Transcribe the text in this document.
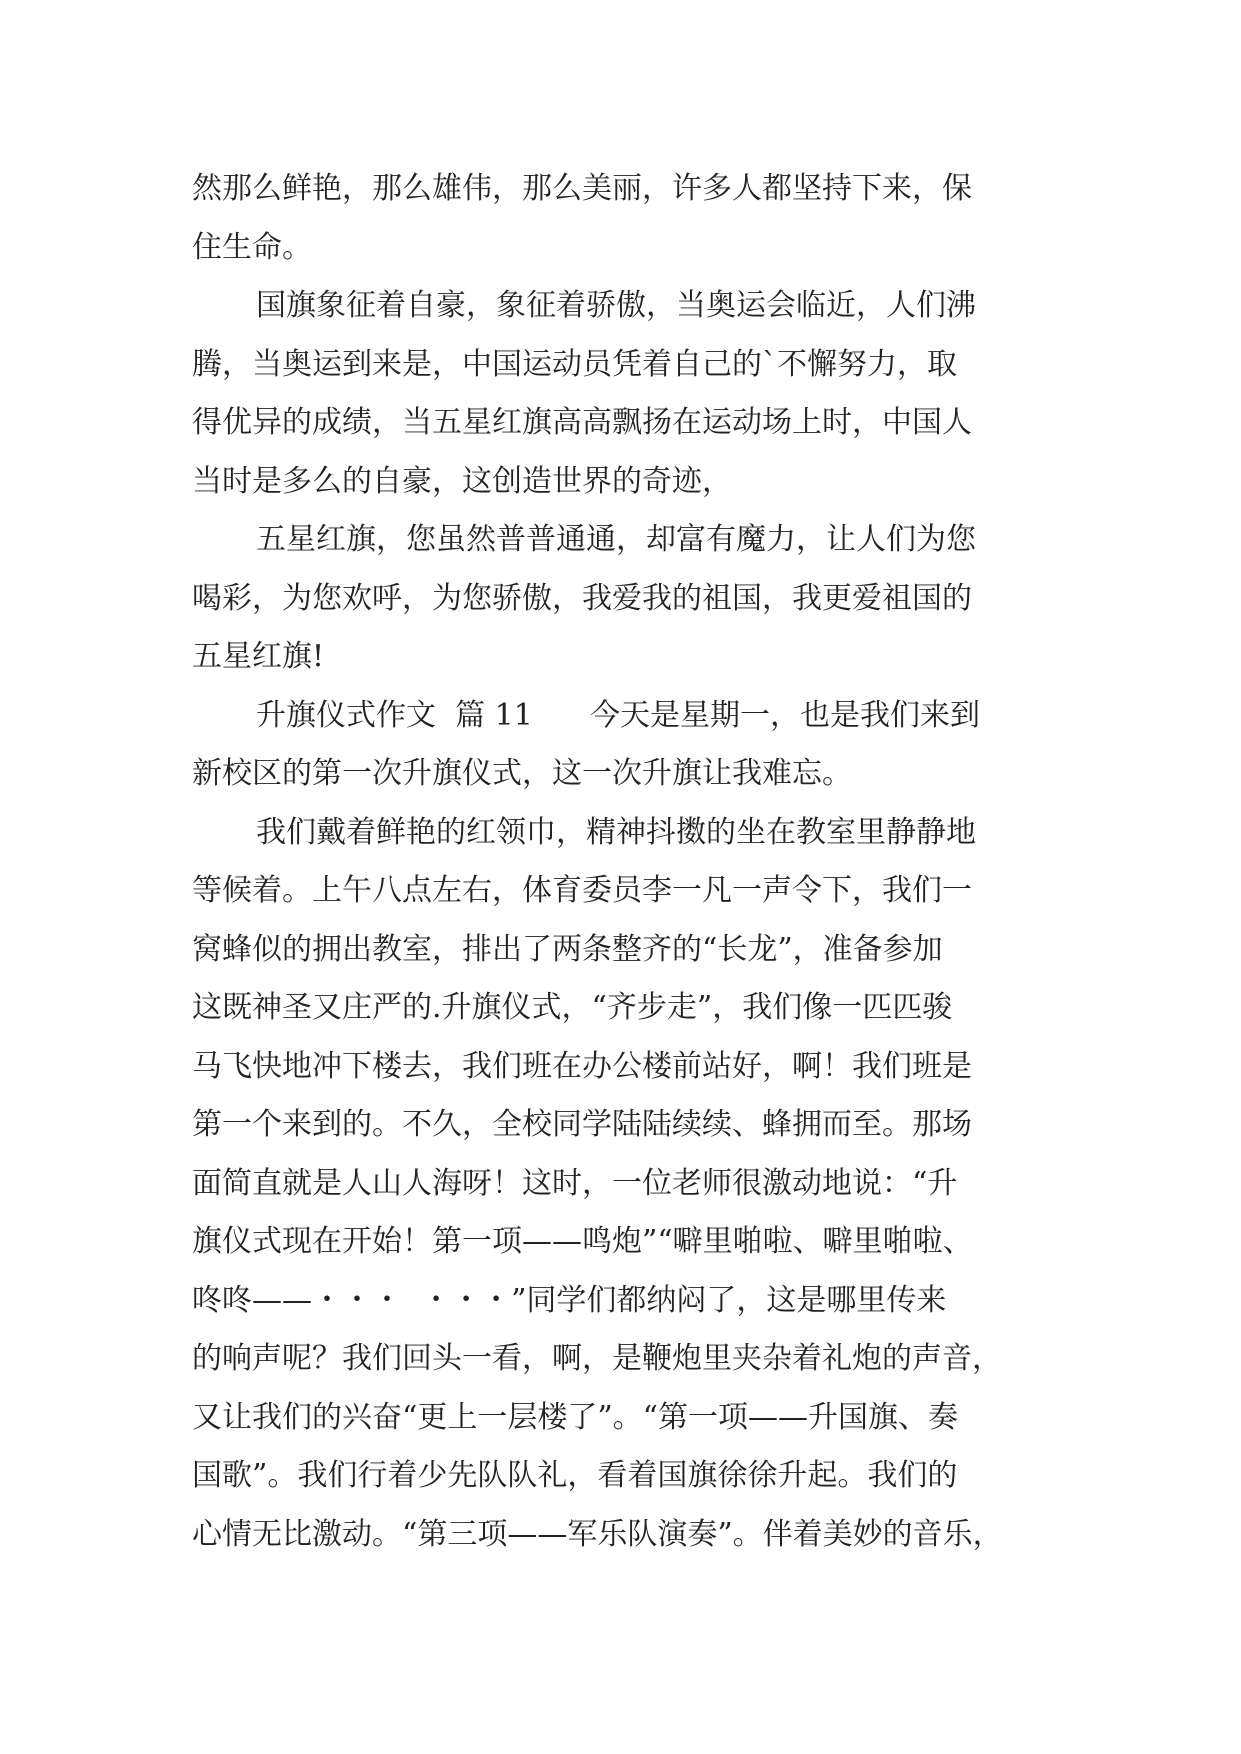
然那么鲜艳，那么雄伟，那么美丽，许多人都坚持下来，保
住生命。
国旗象征着自豪，象征着骄傲，当奥运会临近，人们沸
腾，当奥运到来是，中国运动员凭着自己的`不懈努力，取
得优异的成绩，当五星红旗高高飘扬在运动场上时，中国人
当时是多么的自豪，这创造世界的奇迹，
五星红旗，您虽然普普通通，却富有魔力，让人们为您
喝彩，为您欢呼，为您骄傲，我爱我的祖国，我更爱祖国的
五星红旗!
升旗仪式作文  篇 11      今天是星期一，也是我们来到
新校区的第一次升旗仪式，这一次升旗让我难忘。
我们戴着鲜艳的红领巾，精神抖擞的坐在教室里静静地
等候着。上午八点左右，体育委员李一凡一声令下，我们一
窝蜂似的拥出教室，排出了两条整齐的“长龙”，准备参加
这既神圣又庄严的.升旗仪式，“齐步走”，我们像一匹匹骏
马飞快地冲下楼去，我们班在办公楼前站好，啊！我们班是
第一个来到的。不久，全校同学陆陆续续、蜂拥而至。那场
面简直就是人山人海呀！这时，一位老师很激动地说：“升
旗仪式现在开始！第一项——鸣炮”“噼里啪啦、噼里啪啦、
咚咚——・・・  ・・・”同学们都纳闷了，这是哪里传来
的响声呢？我们回头一看，啊，是鞭炮里夹杂着礼炮的声音，
又让我们的兴奋“更上一层楼了”。“第一项——升国旗、奏
国歌”。我们行着少先队队礼，看着国旗徐徐升起。我们的
心情无比激动。“第三项——军乐队演奏”。伴着美妙的音乐，
